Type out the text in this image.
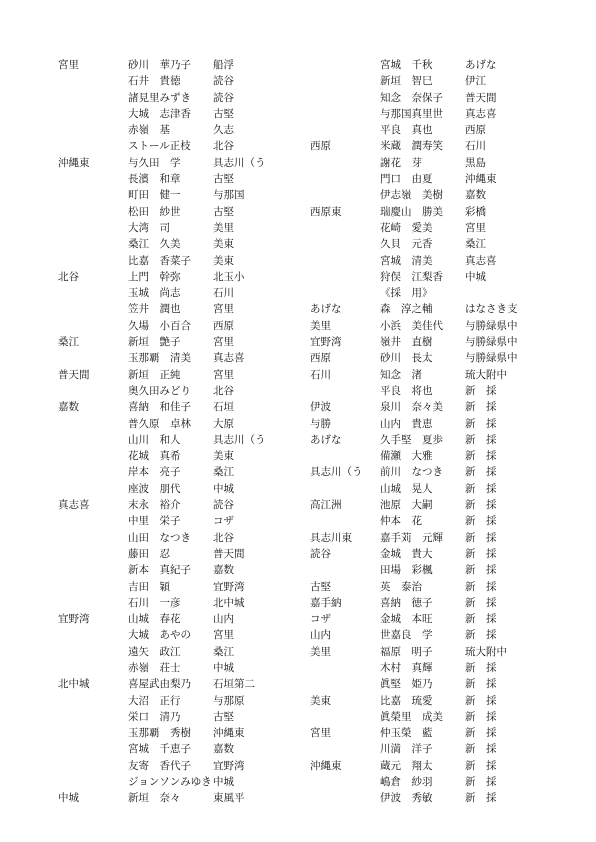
宮里	砂川　華乃子 船浮
石井　貴徳	読谷
諸見里みずき 読谷
大城　志津香 古堅
赤嶺　基	久志
ストール正枝 北谷
沖縄東	与久田　学	具志川（う
長濱　和章	古堅
町田　健一	与那国
松田　紗世	古堅
大湾　司	美里
桑江　久美	美東
比嘉　香菜子 美東
北谷	上門　幹弥	北玉小
玉城　尚志	石川
笠井　潤也	宮里
久場　小百合 西原
桑江	新垣　艶子	宮里
玉那覇　清美 真志喜
普天間	新垣　正純	宮里
奥久田みどり 北谷
嘉数	喜納　和佳子 石垣
普久原　卓林 大原
山川　和人	具志川（う
花城　真希	美東
岸本　亮子	桑江
座波　朋代	中城
真志喜	末永　裕介	読谷
中里　栄子	コザ
山田　なつき 北谷
藤田　忍	普天間
新本　真紀子 嘉数
吉田　穎	宜野湾
石川　一彦	北中城
宜野湾	山城　春花	山内
大城　あやの 宮里
遠矢　政江	桑江
赤嶺　荘士	中城
北中城	喜屋武由梨乃 石垣第二
大沼　正行	与那原
栄口　清乃	古堅
玉那覇　秀樹 沖縄東
宮城　千恵子 嘉数
友寄　香代子 宜野湾
ジョンソンみゆき 中城
中城	新垣　奈々	東風平
宮城　千秋	あげな
新垣　智巳	伊江
知念　奈保子 普天間
与那国真里世 真志喜
平良　真也	西原
西原	米蔵　潤寿笑 石川
謝花　芽	黒島
門口　由夏	沖縄東
伊志嶺　美樹 嘉数
西原東	瑞慶山　勝美 彩橋
花崎　愛美	宮里
久貝　元香	桑江
宮城　清美	真志喜
狩俣　江梨香 中城
《採　用》
あげな	森　淳之輔	はなさき支
美里	小浜　美佳代 与勝緑県中
宜野湾	嶺井　直樹	与勝緑県中
西原	砂川　長太	与勝緑県中
石川	知念　渚	琉大附中
平良　将也	新　採
伊波	泉川　奈々美 新　採
与勝	山内　貴恵	新　採
あげな	久手堅　夏歩 新　採
備瀬　大雅	新　採
具志川（う 前川　なつき 新　採
山城　晃人	新　採
高江洲	池原　大嗣	新　採
仲本　花	新　採
具志川東	嘉手苅　元輝 新　採
読谷	金城　貴大	新　採
田場　彩楓	新　採
古堅	英　泰治	新　採
嘉手納	喜納　徳子	新　採
コザ	金城　本旺	新　採
山内	世嘉良　学	新　採
美里	福原　明子	琉大附中
木村　真輝	新　採
眞堅　姫乃	新　採
美東	比嘉　琉愛	新　採
眞榮里　成美 新　採
宮里	仲玉榮　藍	新　採
川満　洋子	新　採
沖縄東	蔵元　翔太	新　採
嶋倉　紗羽	新　採
伊波　秀敏	新　採
